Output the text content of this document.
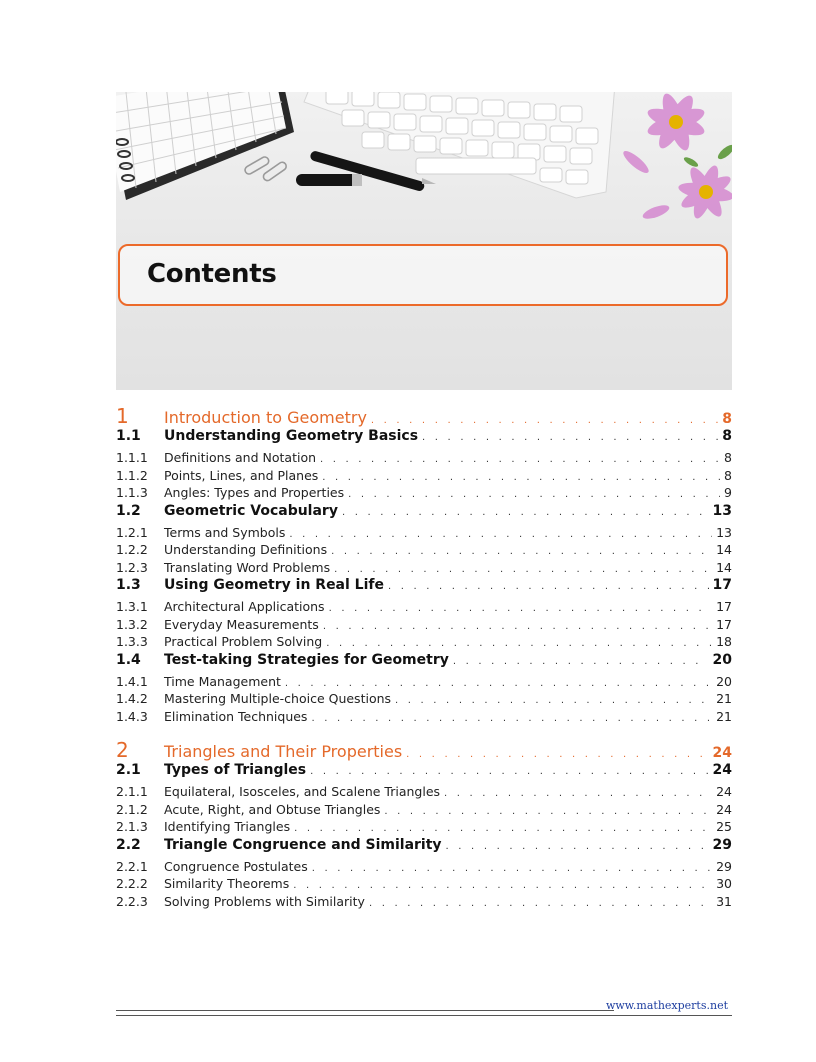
Contents
1	Introduction to Geometry . . .	8
1.1	Understanding Geometry Basics . . .	8
1.1.1	Definitions and Notation . . .	8
1.1.2	Points, Lines, and Planes . . .	8
1.1.3	Angles: Types and Properties . . .	9
1.2	Geometric Vocabulary . . .	13
1.2.1	Terms and Symbols . . .	13
1.2.2	Understanding Definitions . . .	14
1.2.3	Translating Word Problems . . .	14
1.3	Using Geometry in Real Life . . .	17
1.3.1	Architectural Applications . . .	17
1.3.2	Everyday Measurements . . .	17
1.3.3	Practical Problem Solving . . .	18
1.4	Test-taking Strategies for Geometry . . .	20
1.4.1	Time Management . . .	20
1.4.2	Mastering Multiple-choice Questions . . .	21
1.4.3	Elimination Techniques . . .	21
2	Triangles and Their Properties . . .	24
2.1	Types of Triangles . . .	24
2.1.1	Equilateral, Isosceles, and Scalene Triangles . . .	24
2.1.2	Acute, Right, and Obtuse Triangles . . .	24
2.1.3	Identifying Triangles . . .	25
2.2	Triangle Congruence and Similarity . . .	29
2.2.1	Congruence Postulates . . .	29
2.2.2	Similarity Theorems . . .	30
2.2.3	Solving Problems with Similarity . . .	31
www.mathexperts.net
